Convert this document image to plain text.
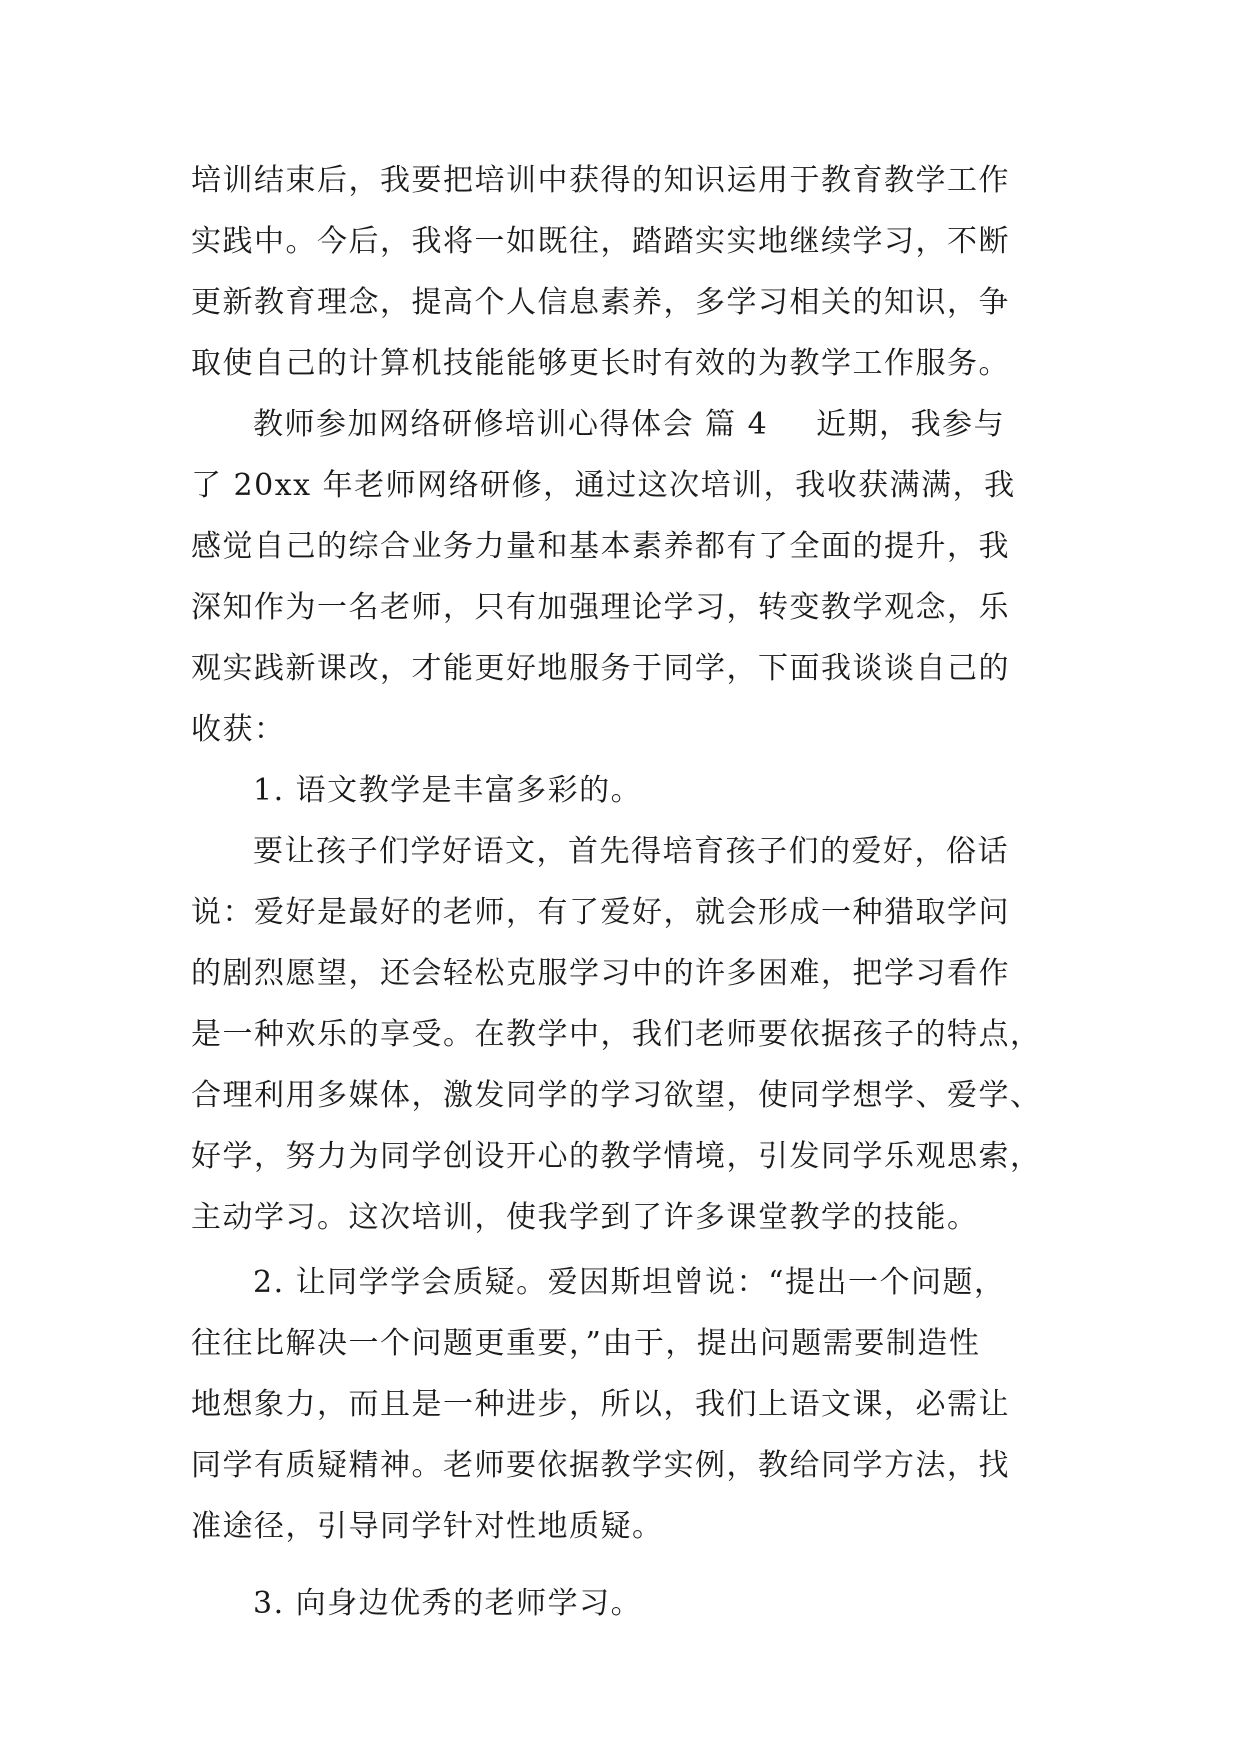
培训结束后，我要把培训中获得的知识运用于教育教学工作
实践中。今后，我将一如既往，踏踏实实地继续学习，不断
更新教育理念，提高个人信息素养，多学习相关的知识，争
取使自己的计算机技能能够更长时有效的为教学工作服务。
教师参加网络研修培训心得体会 篇 4 近期，我参与
了 20xx 年老师网络研修，通过这次培训，我收获满满，我
感觉自己的综合业务力量和基本素养都有了全面的提升，我
深知作为一名老师，只有加强理论学习，转变教学观念，乐
观实践新课改，才能更好地服务于同学，下面我谈谈自己的
收获：
1. 语文教学是丰富多彩的。
要让孩子们学好语文，首先得培育孩子们的爱好，俗话
说：爱好是最好的老师，有了爱好，就会形成一种猎取学问
的剧烈愿望，还会轻松克服学习中的许多困难，把学习看作
是一种欢乐的享受。在教学中，我们老师要依据孩子的特点，
合理利用多媒体，激发同学的学习欲望，使同学想学、爱学、
好学，努力为同学创设开心的教学情境，引发同学乐观思索，
主动学习。这次培训，使我学到了许多课堂教学的技能。
2. 让同学学会质疑。爱因斯坦曾说：“提出一个问题，
往往比解决一个问题更重要，”由于，提出问题需要制造性
地想象力，而且是一种进步，所以，我们上语文课，必需让
同学有质疑精神。老师要依据教学实例，教给同学方法，找
准途径，引导同学针对性地质疑。
3. 向身边优秀的老师学习。
